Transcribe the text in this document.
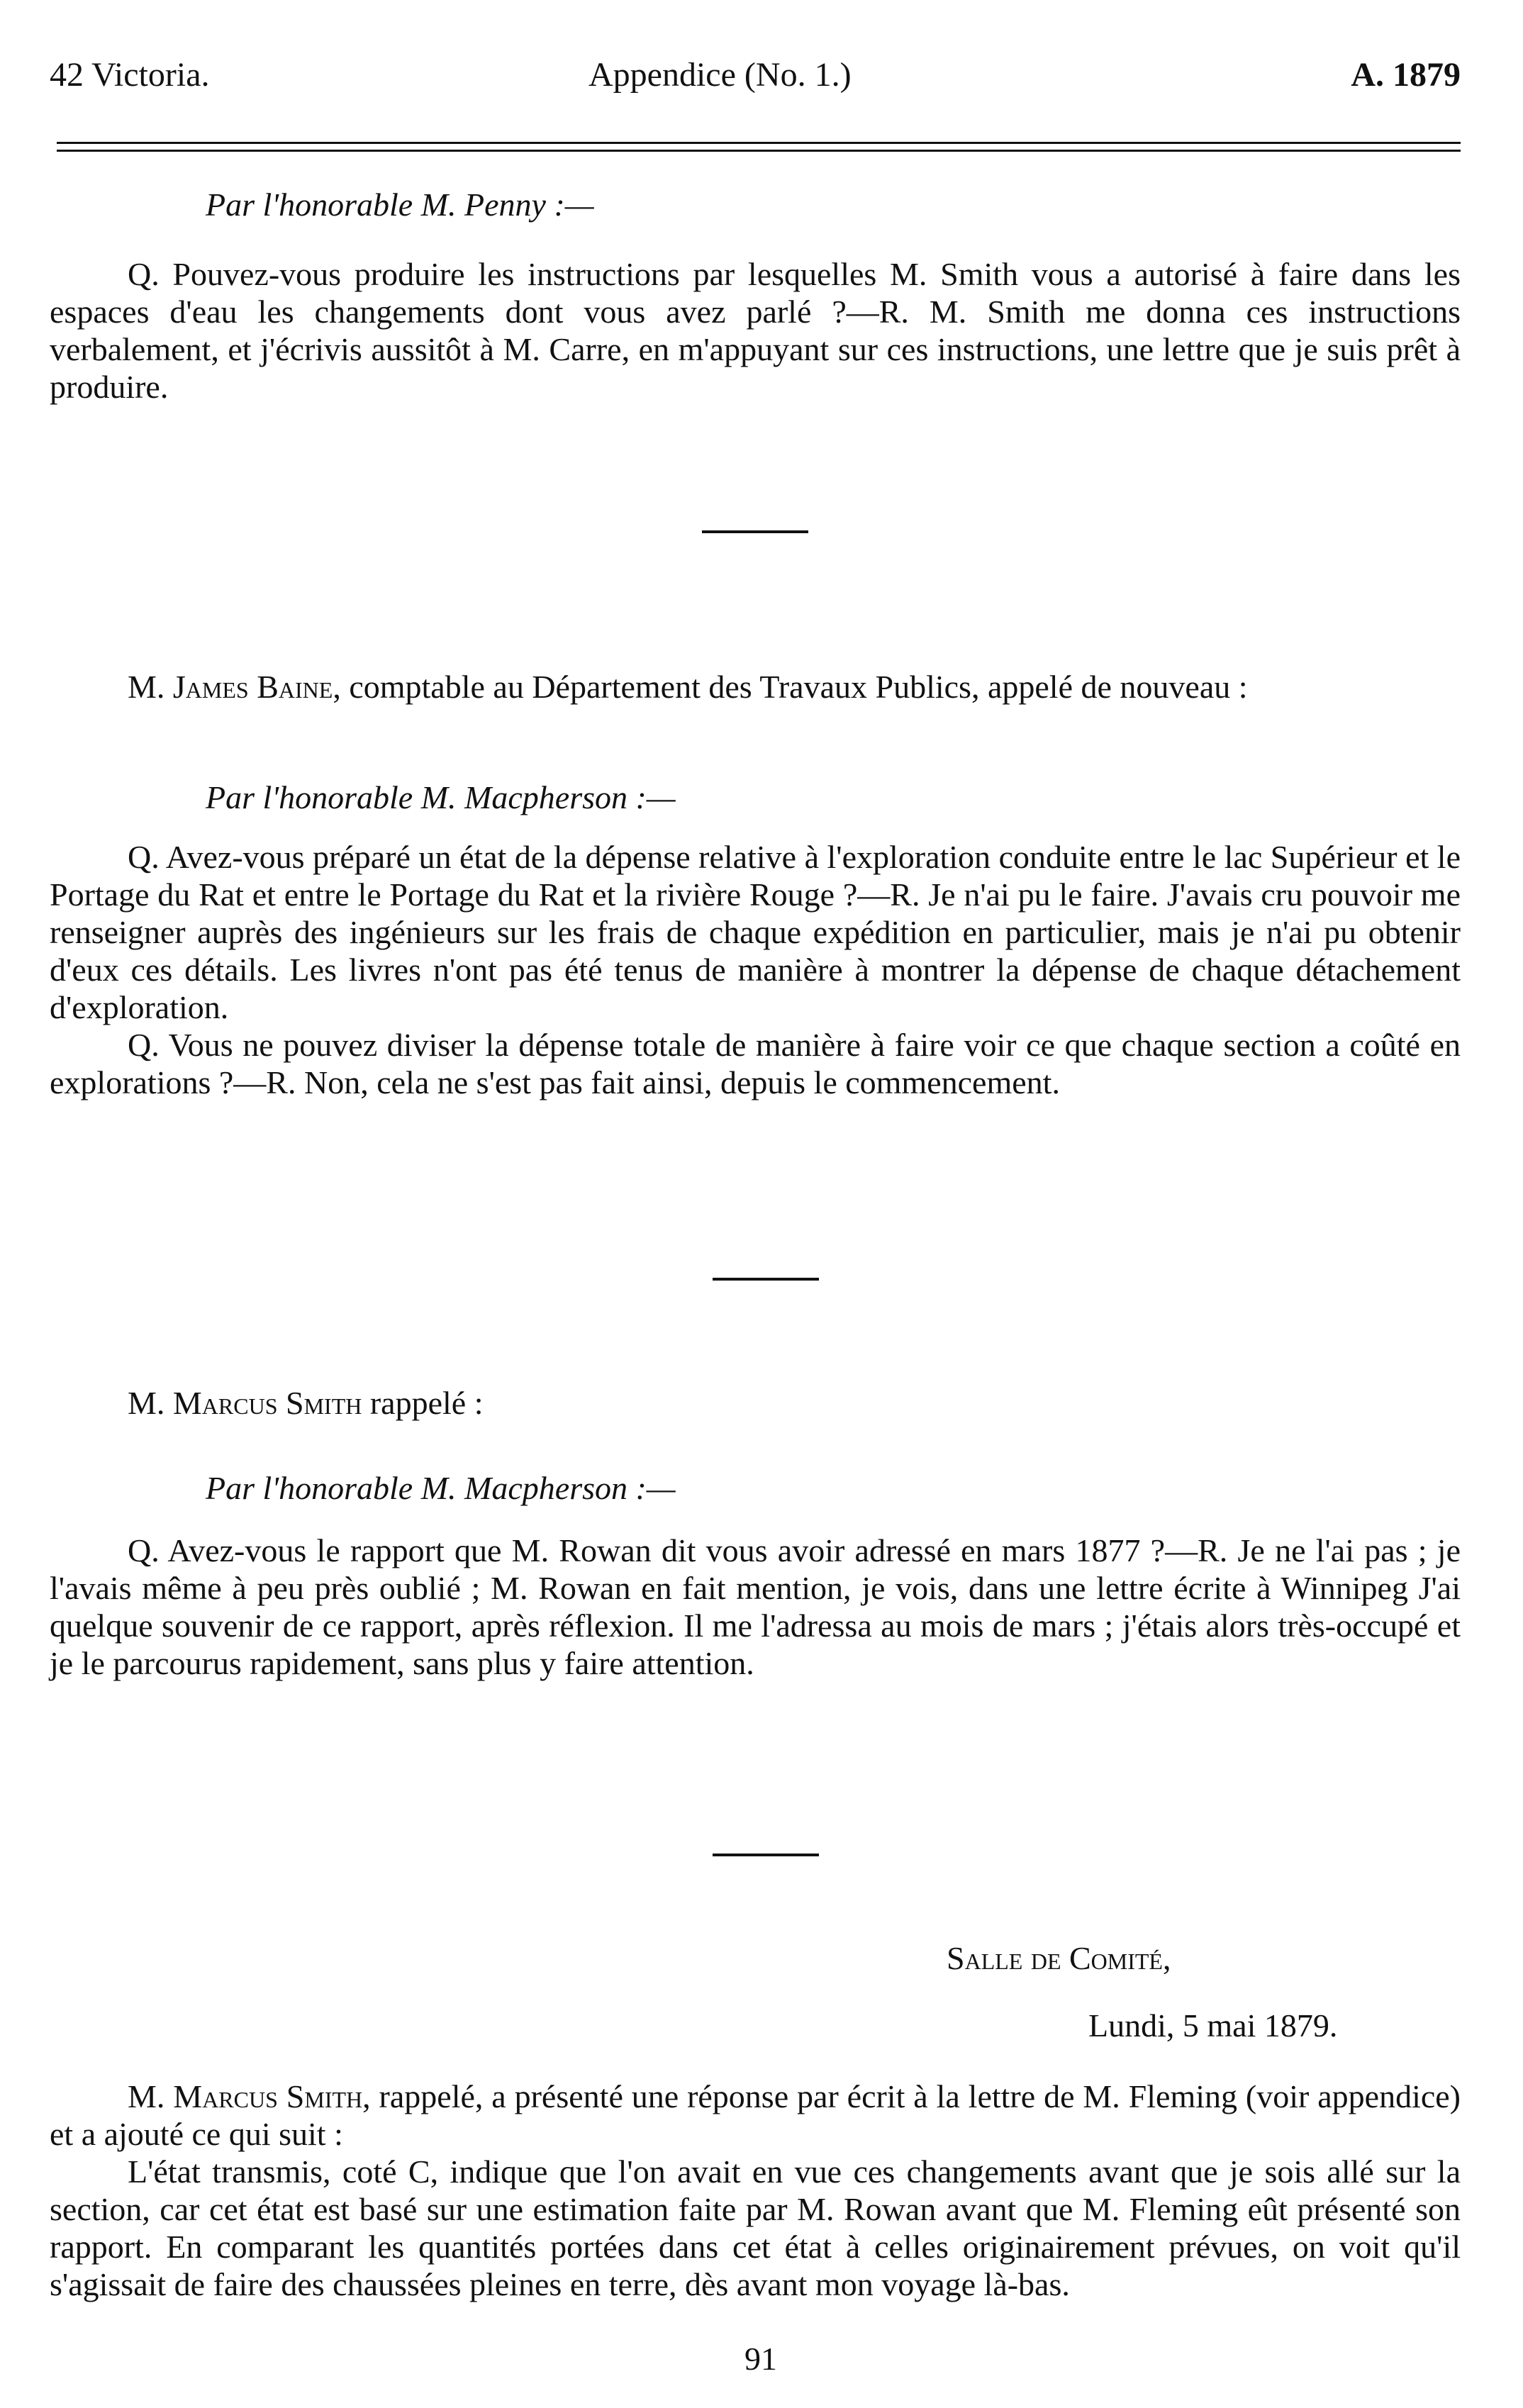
42 Victoria.	Appendice (No. 1.)	A. 1879
Par l'honorable M. Penny :—

Q. Pouvez-vous produire les instructions par lesquelles M. Smith vous a autorisé à faire dans les espaces d'eau les changements dont vous avez parlé ?—R. M. Smith me donna ces instructions verbalement, et j'écrivis aussitôt à M. Carre, en m'appuyant sur ces instructions, une lettre que je suis prêt à produire.

M. James Baine, comptable au Département des Travaux Publics, appelé de nouveau :

Par l'honorable M. Macpherson :—

Q. Avez-vous préparé un état de la dépense relative à l'exploration conduite entre le lac Supérieur et le Portage du Rat et entre le Portage du Rat et la rivière Rouge ?—R. Je n'ai pu le faire. J'avais cru pouvoir me renseigner auprès des ingénieurs sur les frais de chaque expédition en particulier, mais je n'ai pu obtenir d'eux ces détails. Les livres n'ont pas été tenus de manière à montrer la dépense de chaque détachement d'exploration.

Q. Vous ne pouvez diviser la dépense totale de manière à faire voir ce que chaque section a coûté en explorations ?—R. Non, cela ne s'est pas fait ainsi, depuis le commencement.

M. Marcus Smith rappelé :

Par l'honorable M. Macpherson :—

Q. Avez-vous le rapport que M. Rowan dit vous avoir adressé en mars 1877 ?—R. Je ne l'ai pas ; je l'avais même à peu près oublié ; M. Rowan en fait mention, je vois, dans une lettre écrite à Winnipeg J'ai quelque souvenir de ce rapport, après réflexion. Il me l'adressa au mois de mars ; j'étais alors très-occupé et je le parcourus rapidement, sans plus y faire attention.

Salle de Comité,
Lundi, 5 mai 1879.

M. Marcus Smith, rappelé, a présenté une réponse par écrit à la lettre de M. Fleming (voir appendice) et a ajouté ce qui suit :

L'état transmis, coté C, indique que l'on avait en vue ces changements avant que je sois allé sur la section, car cet état est basé sur une estimation faite par M. Rowan avant que M. Fleming eût présenté son rapport. En comparant les quantités portées dans cet état à celles originairement prévues, on voit qu'il s'agissait de faire des chaussées pleines en terre, dès avant mon voyage là-bas.

91
